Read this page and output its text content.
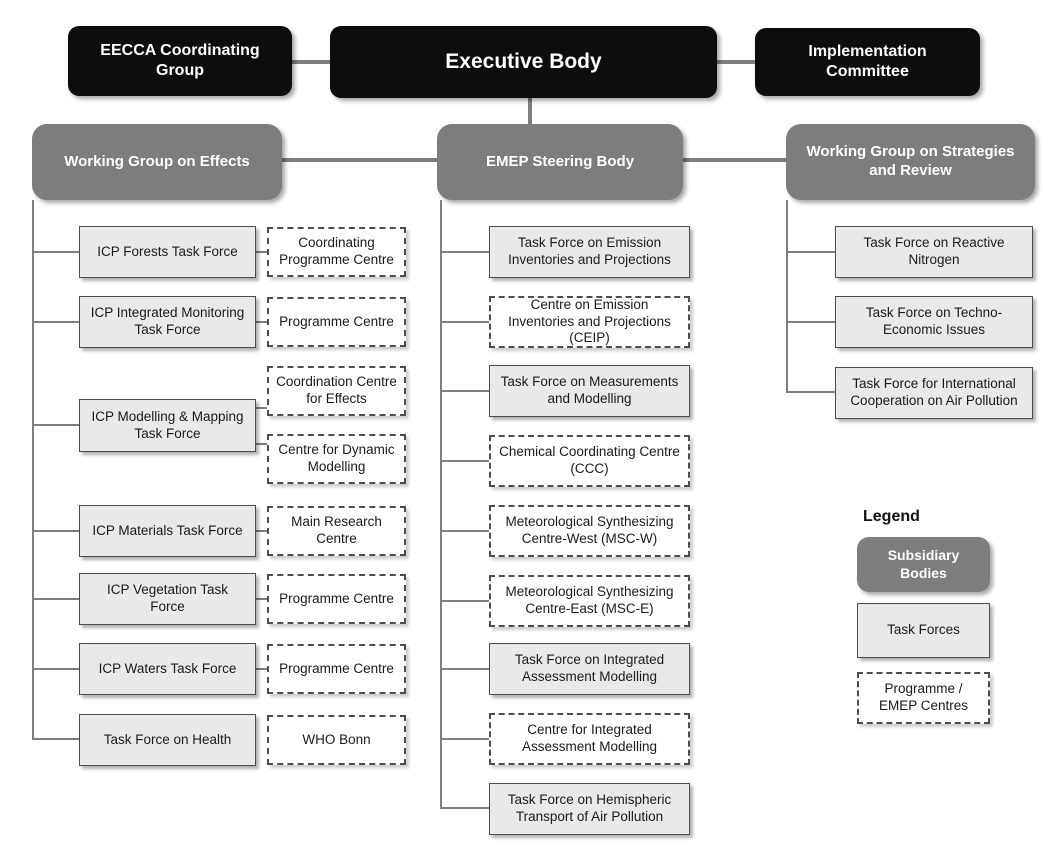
EECCA Coordinating Group	Executive Body	Implementation Committee
Working Group on Effects	EMEP Steering Body
Working Group on Strategies and Review
ICP Forests Task Force
ICP Integrated Monitoring Task Force
ICP Modelling & Mapping Task Force
ICP Materials Task Force
ICP Vegetation Task Force
ICP Waters Task Force
Task Force on Health
Coordinating Programme Centre
Programme Centre
Coordination Centre for Effects
Centre for Dynamic Modelling
Main Research Centre
Programme Centre
Programme Centre
WHO Bonn
Task Force on Emission Inventories and Projections
Centre on Emission Inventories and Projections (CEIP)
Task Force on Measurements and Modelling
Chemical Coordinating Centre (CCC)
Meteorological Synthesizing Centre-West (MSC-W)
Meteorological Synthesizing Centre-East (MSC-E)
Task Force on Integrated Assessment Modelling
Centre for Integrated Assessment Modelling
Task Force on Hemispheric Transport of Air Pollution
Task Force on Reactive Nitrogen
Task Force on Techno-Economic Issues
Task Force for International Cooperation on Air Pollution
Legend
Subsidiary Bodies
Task Forces
Programme / EMEP Centres
